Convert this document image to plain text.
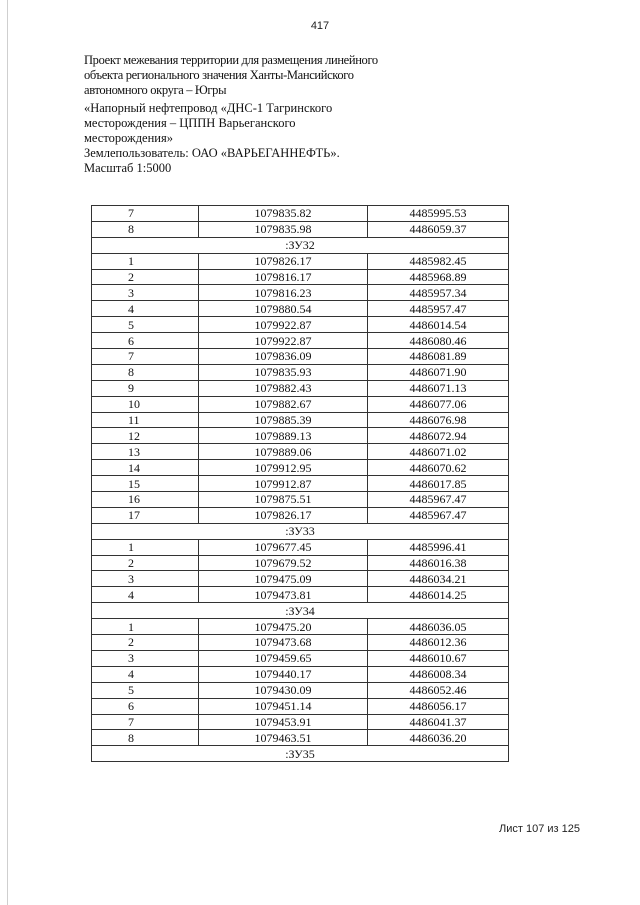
417

Проект межевания территории для размещения линейного

объекта регионального значения Ханты-Мансийского

автономного округа – Югры

«Напорный нефтепровод «ДНС-1 Тагринского

месторождения – ЦППН Варьеганского

месторождения»

Землепользователь: ОАО «ВАРЬЕГАННЕФТЬ».

Масштаб 1:5000

7	1079835.82	4485995.53
8	1079835.98	4486059.37
:ЗУ32		
1	1079826.17	4485982.45
2	1079816.17	4485968.89
3	1079816.23	4485957.34
4	1079880.54	4485957.47
5	1079922.87	4486014.54
6	1079922.87	4486080.46
7	1079836.09	4486081.89
8	1079835.93	4486071.90
9	1079882.43	4486071.13
10	1079882.67	4486077.06
11	1079885.39	4486076.98
12	1079889.13	4486072.94
13	1079889.06	4486071.02
14	1079912.95	4486070.62
15	1079912.87	4486017.85
16	1079875.51	4485967.47
17	1079826.17	4485967.47
:ЗУ33		
1	1079677.45	4485996.41
2	1079679.52	4486016.38
3	1079475.09	4486034.21
4	1079473.81	4486014.25
:ЗУ34		
1	1079475.20	4486036.05
2	1079473.68	4486012.36
3	1079459.65	4486010.67
4	1079440.17	4486008.34
5	1079430.09	4486052.46
6	1079451.14	4486056.17
7	1079453.91	4486041.37
8	1079463.51	4486036.20
:ЗУ35		
Лист 107 из 125
